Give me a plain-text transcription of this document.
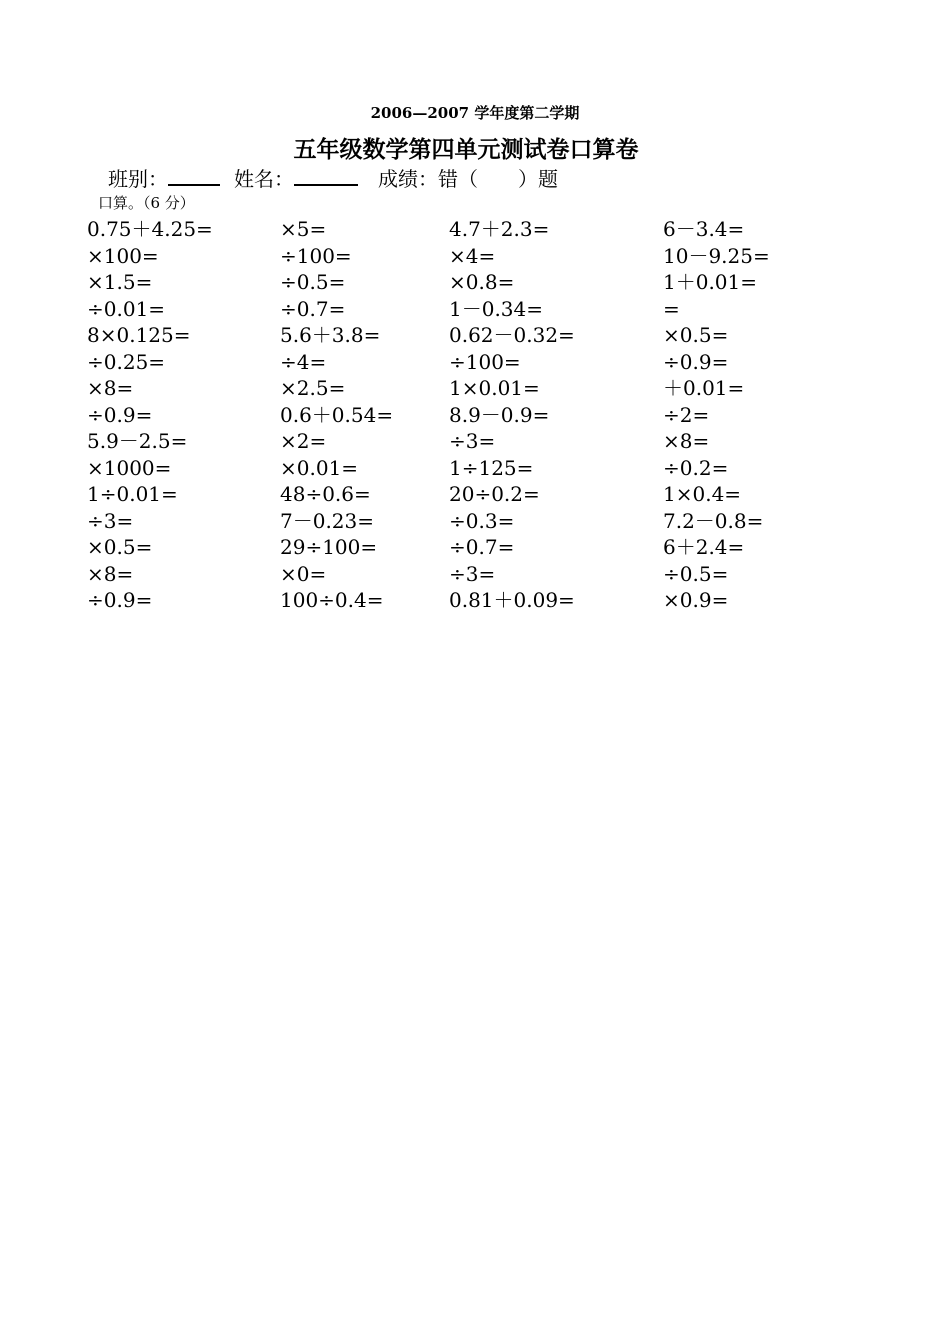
2006—2007 学年度第二学期
五年级数学第四单元测试卷口算卷
班别：	姓名：	成绩：错（ ）题
口算。（6 分）
0.75＋4.25=	×5=	4.7＋2.3=	6－3.4=
×100=	÷100=	×4=	10－9.25=
×1.5=	÷0.5=	×0.8=	1＋0.01=
÷0.01=	÷0.7=	1－0.34=	=
8×0.125=	5.6＋3.8=	0.62－0.32=	×0.5=
÷0.25=	÷4=	÷100=	÷0.9=
×8=	×2.5=	1×0.01=	＋0.01=
÷0.9=	0.6＋0.54=	8.9－0.9=	÷2=
5.9－2.5=	×2=	÷3=	×8=
×1000=	×0.01=	1÷125=	÷0.2=
1÷0.01=	48÷0.6=	20÷0.2=	1×0.4=
÷3=	7－0.23=	÷0.3=	7.2－0.8=
×0.5=	29÷100=	÷0.7=	6＋2.4=
×8=	×0=	÷3=	÷0.5=
÷0.9=	100÷0.4=	0.81＋0.09=	×0.9=
